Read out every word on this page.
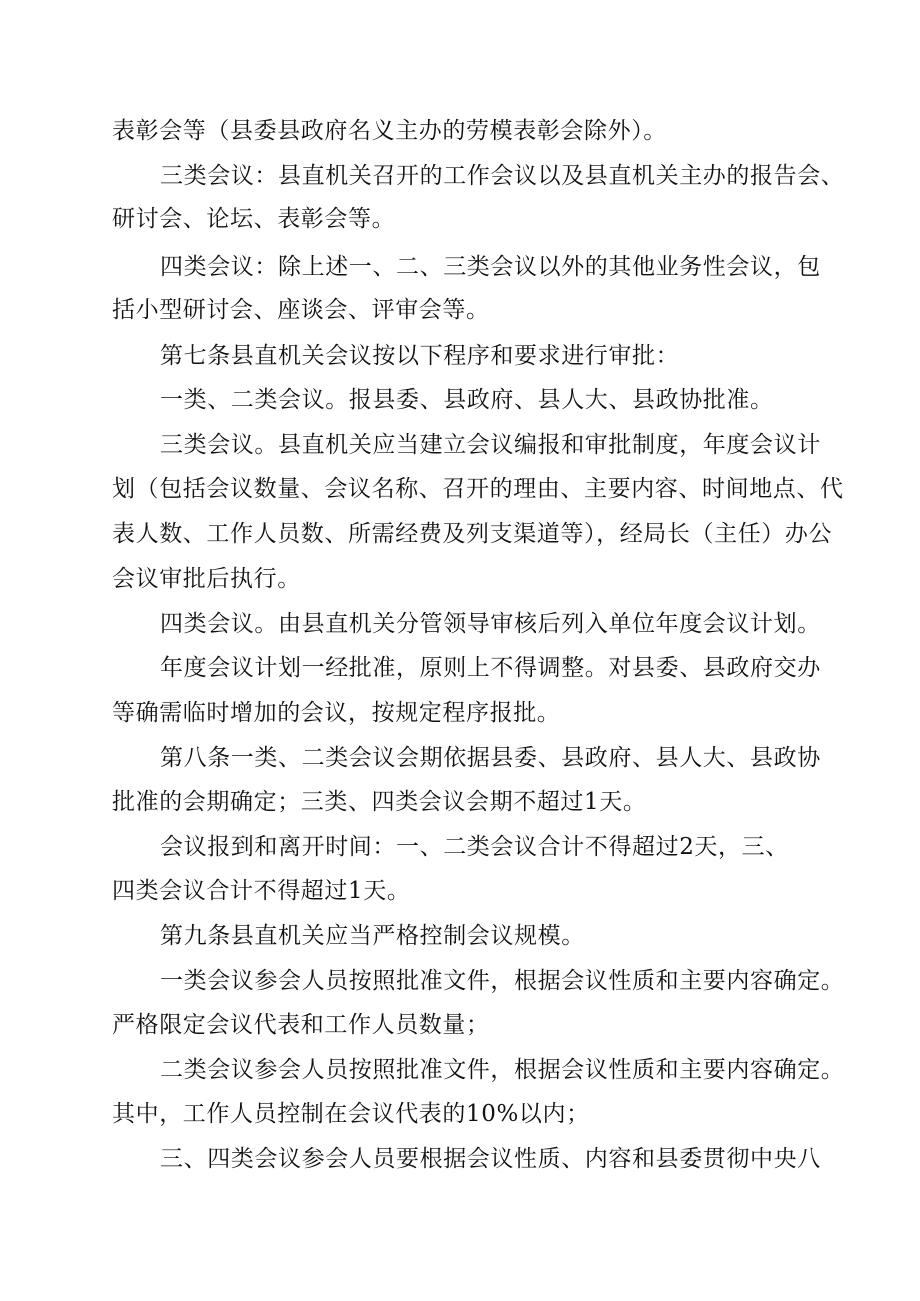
表彰会等（县委县政府名义主办的劳模表彰会除外）。
三类会议：县直机关召开的工作会议以及县直机关主办的报告会、
研讨会、论坛、表彰会等。
四类会议：除上述一、二、三类会议以外的其他业务性会议，包
括小型研讨会、座谈会、评审会等。
第七条县直机关会议按以下程序和要求进行审批：
一类、二类会议。报县委、县政府、县人大、县政协批准。
三类会议。县直机关应当建立会议编报和审批制度，年度会议计
划（包括会议数量、会议名称、召开的理由、主要内容、时间地点、代
表人数、工作人员数、所需经费及列支渠道等），经局长（主任）办公
会议审批后执行。
四类会议。由县直机关分管领导审核后列入单位年度会议计划。
年度会议计划一经批准，原则上不得调整。对县委、县政府交办
等确需临时增加的会议，按规定程序报批。
第八条一类、二类会议会期依据县委、县政府、县人大、县政协
批准的会期确定；三类、四类会议会期不超过1天。
会议报到和离开时间：一、二类会议合计不得超过2天，三、
四类会议合计不得超过1天。
第九条县直机关应当严格控制会议规模。
一类会议参会人员按照批准文件，根据会议性质和主要内容确定。
严格限定会议代表和工作人员数量；
二类会议参会人员按照批准文件，根据会议性质和主要内容确定。
其中，工作人员控制在会议代表的10%以内；
三、四类会议参会人员要根据会议性质、内容和县委贯彻中央八
